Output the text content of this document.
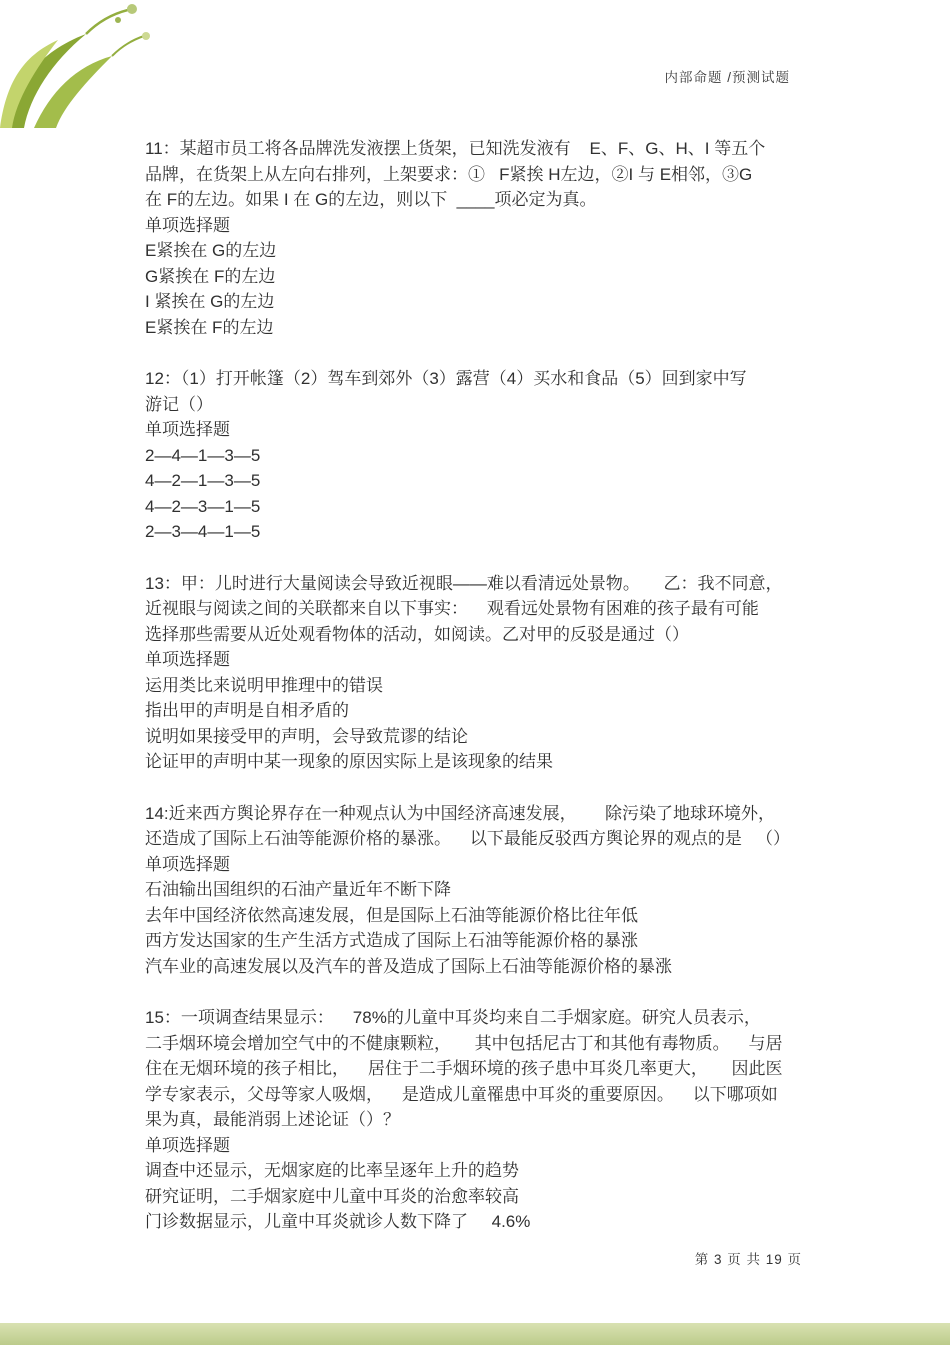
内部命题 /预测试题
11：某超市员工将各品牌洗发液摆上货架，已知洗发液有    E、F、G、H、I 等五个
品牌，在货架上从左向右排列，上架要求：①   F紧挨 H左边，②I 与 E相邻，③G
在 F的左边。如果 I 在 G的左边，则以下  ____项必定为真。
单项选择题
E紧挨在 G的左边
G紧挨在 F的左边
I 紧挨在 G的左边
E紧挨在 F的左边
12：（1）打开帐篷（2）驾车到郊外（3）露营（4）买水和食品（5）回到家中写
游记（）
单项选择题
2—4—1—3—5
4—2—1—3—5
4—2—3—1—5
2—3—4—1—5
13：甲：儿时进行大量阅读会导致近视眼——难以看清远处景物。     乙：我不同意，
近视眼与阅读之间的关联都来自以下事实：    观看远处景物有困难的孩子最有可能
选择那些需要从近处观看物体的活动，如阅读。乙对甲的反驳是通过（）
单项选择题
运用类比来说明甲推理中的错误
指出甲的声明是自相矛盾的
说明如果接受甲的声明，会导致荒谬的结论
论证甲的声明中某一现象的原因实际上是该现象的结果
14:近来西方舆论界存在一种观点认为中国经济高速发展，      除污染了地球环境外，
还造成了国际上石油等能源价格的暴涨。    以下最能反驳西方舆论界的观点的是   （）
单项选择题
石油输出国组织的石油产量近年不断下降
去年中国经济依然高速发展，但是国际上石油等能源价格比往年低
西方发达国家的生产生活方式造成了国际上石油等能源价格的暴涨
汽车业的高速发展以及汽车的普及造成了国际上石油等能源价格的暴涨
15：一项调查结果显示：    78%的儿童中耳炎均来自二手烟家庭。研究人员表示，
二手烟环境会增加空气中的不健康颗粒，     其中包括尼古丁和其他有毒物质。    与居
住在无烟环境的孩子相比，    居住于二手烟环境的孩子患中耳炎几率更大，     因此医
学专家表示，父母等家人吸烟，    是造成儿童罹患中耳炎的重要原因。    以下哪项如
果为真，最能消弱上述论证（）？
单项选择题
调查中还显示，无烟家庭的比率呈逐年上升的趋势
研究证明，二手烟家庭中儿童中耳炎的治愈率较高
门诊数据显示，儿童中耳炎就诊人数下降了     4.6%
第 3 页 共 19 页
